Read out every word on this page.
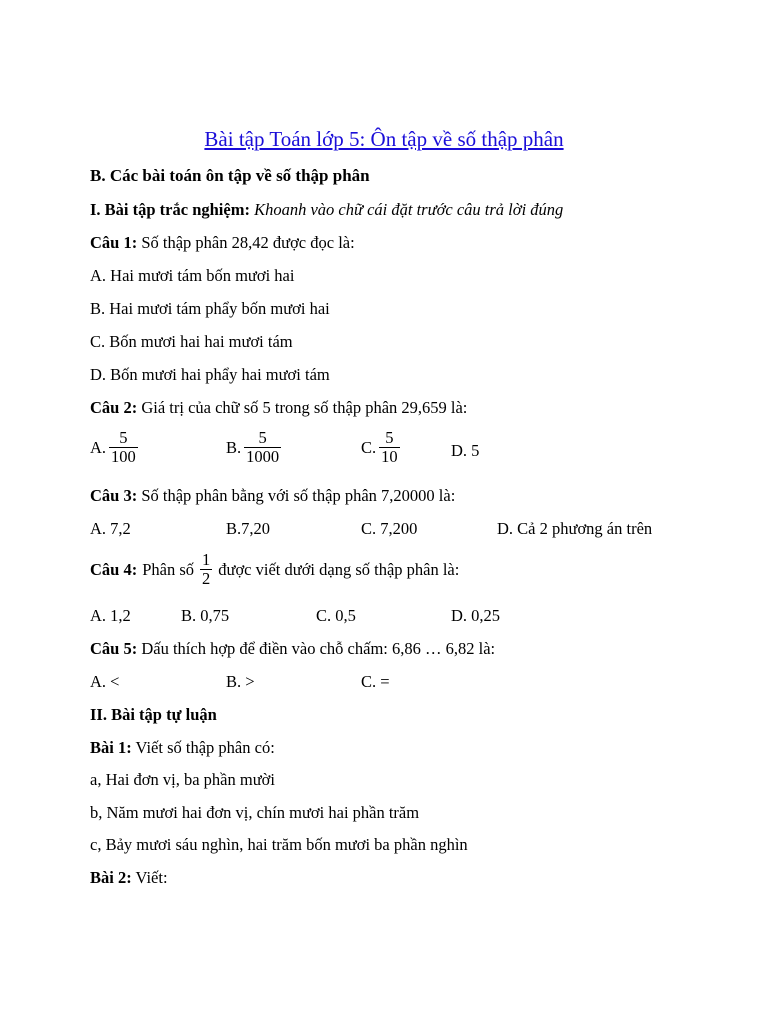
Bài tập Toán lớp 5: Ôn tập về số thập phân
B. Các bài toán ôn tập về số thập phân
I. Bài tập trắc nghiệm: Khoanh vào chữ cái đặt trước câu trả lời đúng
Câu 1: Số thập phân 28,42 được đọc là:
A. Hai mươi tám bốn mươi hai
B. Hai mươi tám phẩy bốn mươi hai
C. Bốn mươi hai hai mươi tám
D. Bốn mươi hai phẩy hai mươi tám
Câu 2: Giá trị của chữ số 5 trong số thập phân 29,659 là:
A. $\frac{5}{100}$	B. $\frac{5}{1000}$	C. $\frac{5}{10}$	D. 5
Câu 3: Số thập phân bằng với số thập phân 7,20000 là:
A. 7,2	B.7,20	C. 7,200	D. Cả 2 phương án trên
Câu 4: Phân số $\frac{1}{2}$ được viết dưới dạng số thập phân là:
A. 1,2	B. 0,75	C. 0,5	D. 0,25
Câu 5: Dấu thích hợp để điền vào chỗ chấm: 6,86 … 6,82 là:
A. <	B. >	C. =
II. Bài tập tự luận
Bài 1: Viết số thập phân có:
a, Hai đơn vị, ba phần mười
b, Năm mươi hai đơn vị, chín mươi hai phần trăm
c, Bảy mươi sáu nghìn, hai trăm bốn mươi ba phần nghìn
Bài 2: Viết:
